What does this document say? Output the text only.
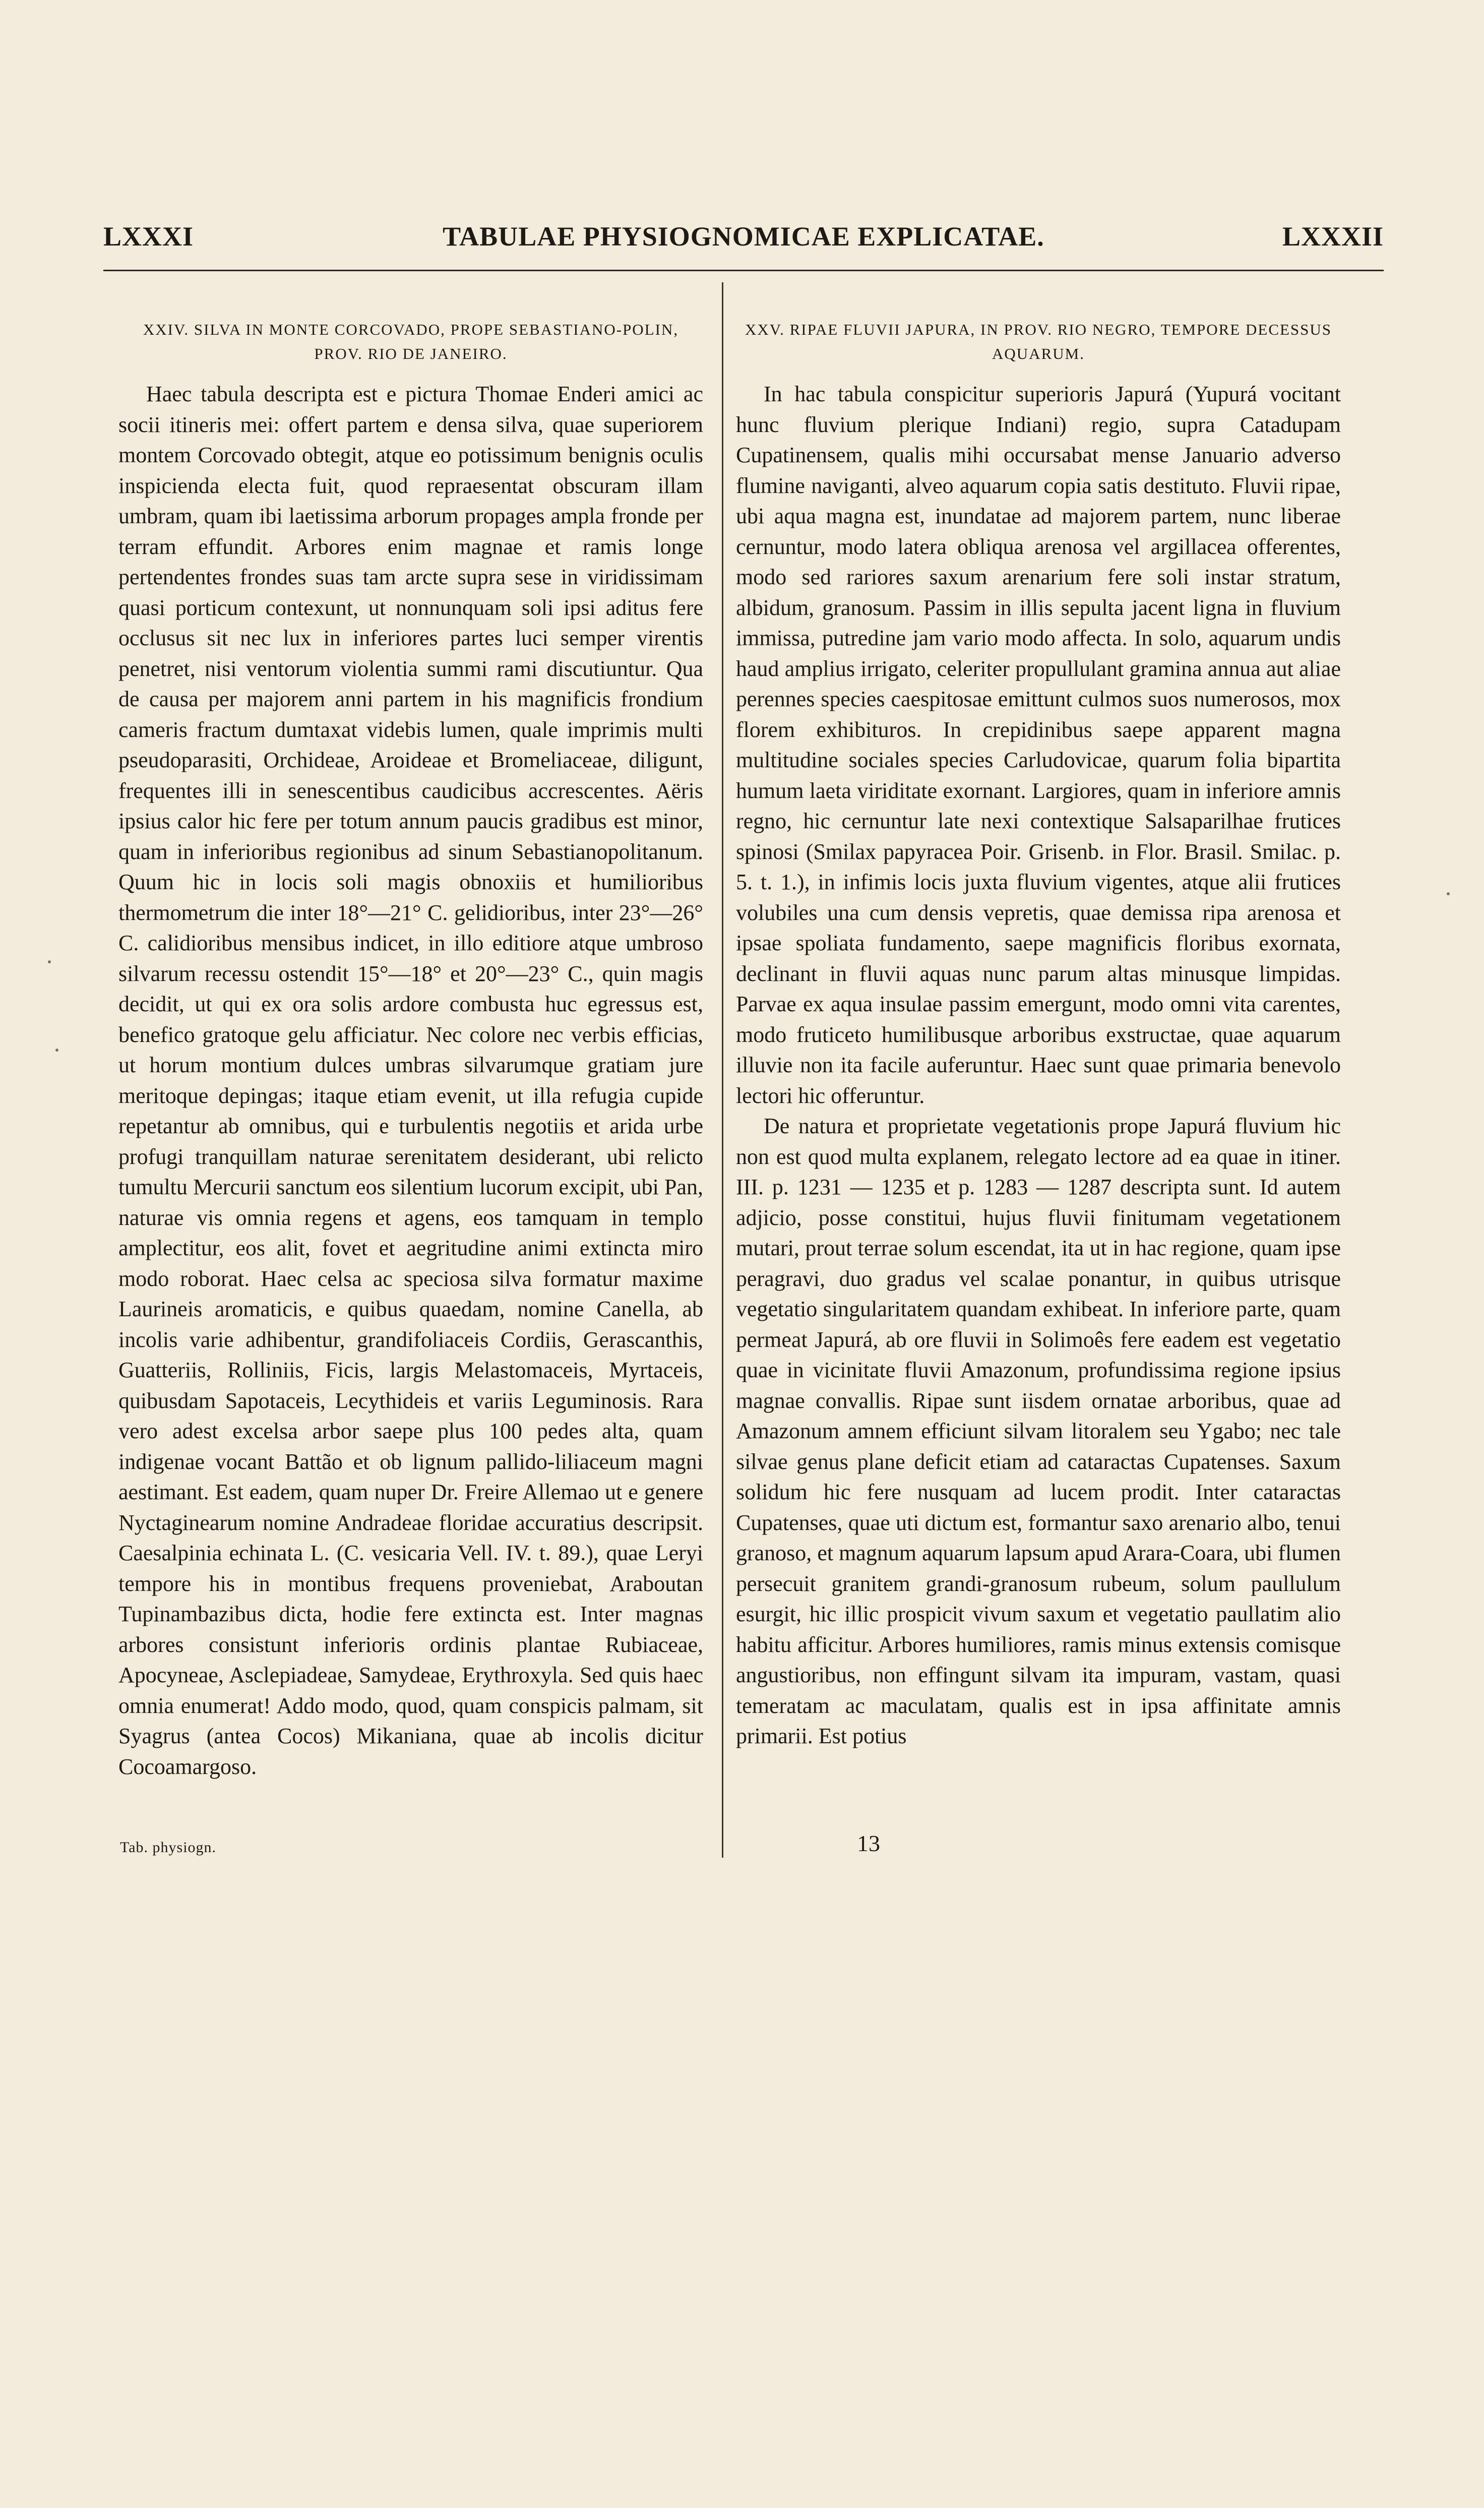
LXXXI	TABULAE PHYSIOGNOMICAE EXPLICATAE.	LXXXII
XXIV. SILVA IN MONTE CORCOVADO, PROPE SEBASTIANO-POLIN, PROV. RIO DE JANEIRO.

Haec tabula descripta est e pictura Thomae Enderi amici ac socii itineris mei: offert partem e densa silva, quae superiorem montem Corcovado obtegit, atque eo potissimum benignis oculis inspicienda electa fuit, quod repraesentat obscuram illam umbram, quam ibi laetissima arborum propages ampla fronde per terram effundit. Arbores enim magnae et ramis longe pertendentes frondes suas tam arcte supra sese in viridissimam quasi porticum contexunt, ut nonnunquam soli ipsi aditus fere occlusus sit nec lux in inferiores partes luci semper virentis penetret, nisi ventorum violentia summi rami discutiuntur. Qua de causa per majorem anni partem in his magnificis frondium cameris fractum dumtaxat videbis lumen, quale imprimis multi pseudoparasiti, Orchideae, Aroideae et Bromeliaceae, diligunt, frequentes illi in senescentibus caudicibus accrescentes. Aëris ipsius calor hic fere per totum annum paucis gradibus est minor, quam in inferioribus regionibus ad sinum Sebastianopolitanum. Quum hic in locis soli magis obnoxiis et humilioribus thermometrum die inter 18°—21° C. gelidioribus, inter 23°—26° C. calidioribus mensibus indicet, in illo editiore atque umbroso silvarum recessu ostendit 15°—18° et 20°—23° C., quin magis decidit, ut qui ex ora solis ardore combusta huc egressus est, benefico gratoque gelu afficiatur. Nec colore nec verbis efficias, ut horum montium dulces umbras silvarumque gratiam jure meritoque depingas; itaque etiam evenit, ut illa refugia cupide repetantur ab omnibus, qui e turbulentis negotiis et arida urbe profugi tranquillam naturae serenitatem desiderant, ubi relicto tumultu Mercurii sanctum eos silentium lucorum excipit, ubi Pan, naturae vis omnia regens et agens, eos tamquam in templo amplectitur, eos alit, fovet et aegritudine animi extincta miro modo roborat. Haec celsa ac speciosa silva formatur maxime Laurineis aromaticis, e quibus quaedam, nomine Canella, ab incolis varie adhibentur, grandifoliaceis Cordiis, Gerascanthis, Guatteriis, Rolliniis, Ficis, largis Melastomaceis, Myrtaceis, quibusdam Sapotaceis, Lecythideis et variis Leguminosis. Rara vero adest excelsa arbor saepe plus 100 pedes alta, quam indigenae vocant Battão et ob lignum pallido-liliaceum magni aestimant. Est eadem, quam nuper Dr. Freire Allemao ut e genere Nyctaginearum nomine Andradeae floridae accuratius descripsit. Caesalpinia echinata L. (C. vesicaria Vell. IV. t. 89.), quae Leryi tempore his in montibus frequens proveniebat, Araboutan Tupinambazibus dicta, hodie fere extincta est. Inter magnas arbores consistunt inferioris ordinis plantae Rubiaceae, Apocyneae, Asclepiadeae, Samydeae, Erythroxyla. Sed quis haec omnia enumerat! Addo modo, quod, quam conspicis palmam, sit Syagrus (antea Cocos) Mikaniana, quae ab incolis dicitur Cocoamargoso.

XXV. RIPAE FLUVII JAPURA, IN PROV. RIO NEGRO, TEMPORE DECESSUS AQUARUM.

In hac tabula conspicitur superioris Japurá (Yupurá vocitant hunc fluvium plerique Indiani) regio, supra Catadupam Cupatinensem, qualis mihi occursabat mense Januario adverso flumine naviganti, alveo aquarum copia satis destituto. Fluvii ripae, ubi aqua magna est, inundatae ad majorem partem, nunc liberae cernuntur, modo latera obliqua arenosa vel argillacea offerentes, modo sed rariores saxum arenarium fere soli instar stratum, albidum, granosum. Passim in illis sepulta jacent ligna in fluvium immissa, putredine jam vario modo affecta. In solo, aquarum undis haud amplius irrigato, celeriter propullulant gramina annua aut aliae perennes species caespitosae emittunt culmos suos numerosos, mox florem exhibituros. In crepidinibus saepe apparent magna multitudine sociales species Carludovicae, quarum folia bipartita humum laeta viriditate exornant. Largiores, quam in inferiore amnis regno, hic cernuntur late nexi contextique Salsaparilhae frutices spinosi (Smilax papyracea Poir. Grisenb. in Flor. Brasil. Smilac. p. 5. t. 1.), in infimis locis juxta fluvium vigentes, atque alii frutices volubiles una cum densis vepretis, quae demissa ripa arenosa et ipsae spoliata fundamento, saepe magnificis floribus exornata, declinant in fluvii aquas nunc parum altas minusque limpidas. Parvae ex aqua insulae passim emergunt, modo omni vita carentes, modo fruticeto humilibusque arboribus exstructae, quae aquarum illuvie non ita facile auferuntur. Haec sunt quae primaria benevolo lectori hic offeruntur.

De natura et proprietate vegetationis prope Japurá fluvium hic non est quod multa explanem, relegato lectore ad ea quae in itiner. III. p. 1231 — 1235 et p. 1283 — 1287 descripta sunt. Id autem adjicio, posse constitui, hujus fluvii finitumam vegetationem mutari, prout terrae solum escendat, ita ut in hac regione, quam ipse peragravi, duo gradus vel scalae ponantur, in quibus utrisque vegetatio singularitatem quandam exhibeat. In inferiore parte, quam permeat Japurá, ab ore fluvii in Solimoês fere eadem est vegetatio quae in vicinitate fluvii Amazonum, profundissima regione ipsius magnae convallis. Ripae sunt iisdem ornatae arboribus, quae ad Amazonum amnem efficiunt silvam litoralem seu Ygabo; nec tale silvae genus plane deficit etiam ad cataractas Cupatenses. Saxum solidum hic fere nusquam ad lucem prodit. Inter cataractas Cupatenses, quae uti dictum est, formantur saxo arenario albo, tenui granoso, et magnum aquarum lapsum apud Arara-Coara, ubi flumen persecuit granitem grandi-granosum rubeum, solum paullulum esurgit, hic illic prospicit vivum saxum et vegetatio paullatim alio habitu afficitur. Arbores humiliores, ramis minus extensis comisque angustioribus, non effingunt silvam ita impuram, vastam, quasi temeratam ac maculatam, qualis est in ipsa affinitate amnis primarii. Est potius

Tab. physiogn.	13
